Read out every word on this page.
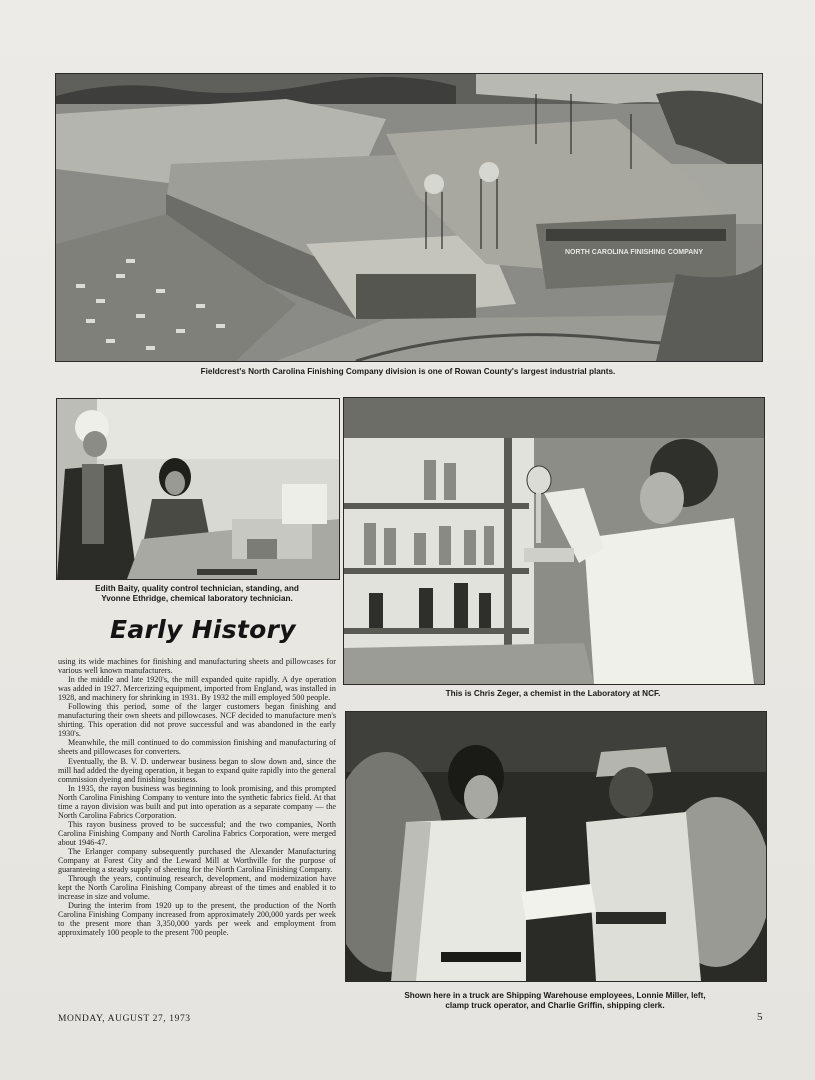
NORTH CAROLINA FINISHING COMPANY
Fieldcrest's North Carolina Finishing Company division is one of Rowan County's largest industrial plants.
Edith Baity, quality control technician, standing, and
Yvonne Ethridge, chemical laboratory technician.
This is Chris Zeger, a chemist in the Laboratory at NCF.
Shown here in a truck are Shipping Warehouse employees, Lonnie Miller, left,
clamp truck operator, and Charlie Griffin, shipping clerk.
Early History

using its wide machines for finishing and manufacturing sheets and pillowcases for various well known manufacturers.

In the middle and late 1920's, the mill expanded quite rapidly. A dye operation was added in 1927. Mercerizing equipment, imported from England, was installed in 1928, and machinery for shrinking in 1931. By 1932 the mill employed 500 people.

Following this period, some of the larger customers began finishing and manufacturing their own sheets and pillowcases. NCF decided to manufacture men's shirting. This operation did not prove successful and was abandoned in the early 1930's.

Meanwhile, the mill continued to do commission finishing and manufacturing of sheets and pillowcases for converters.

Eventually, the B. V. D. underwear business began to slow down and, since the mill had added the dyeing operation, it began to expand quite rapidly into the general commission dyeing and finishing business.

In 1935, the rayon business was beginning to look promising, and this prompted North Carolina Finishing Company to venture into the synthetic fabrics field. At that time a rayon division was built and put into operation as a separate company — the North Carolina Fabrics Corporation.

This rayon business proved to be successful; and the two companies, North Carolina Finishing Company and North Carolina Fabrics Corporation, were merged about 1946-47.

The Erlanger company subsequently purchased the Alexander Manufacturing Company at Forest City and the Leward Mill at Worthville for the purpose of guaranteeing a steady supply of sheeting for the North Carolina Finishing Company.

Through the years, continuing research, development, and modernization have kept the North Carolina Finishing Company abreast of the times and enabled it to increase in size and volume.

During the interim from 1920 up to the present, the production of the North Carolina Finishing Company increased from approximately 200,000 yards per week to the present more than 3,350,000 yards per week and employment from approximately 100 people to the present 700 people.

MONDAY, AUGUST 27, 1973	5
